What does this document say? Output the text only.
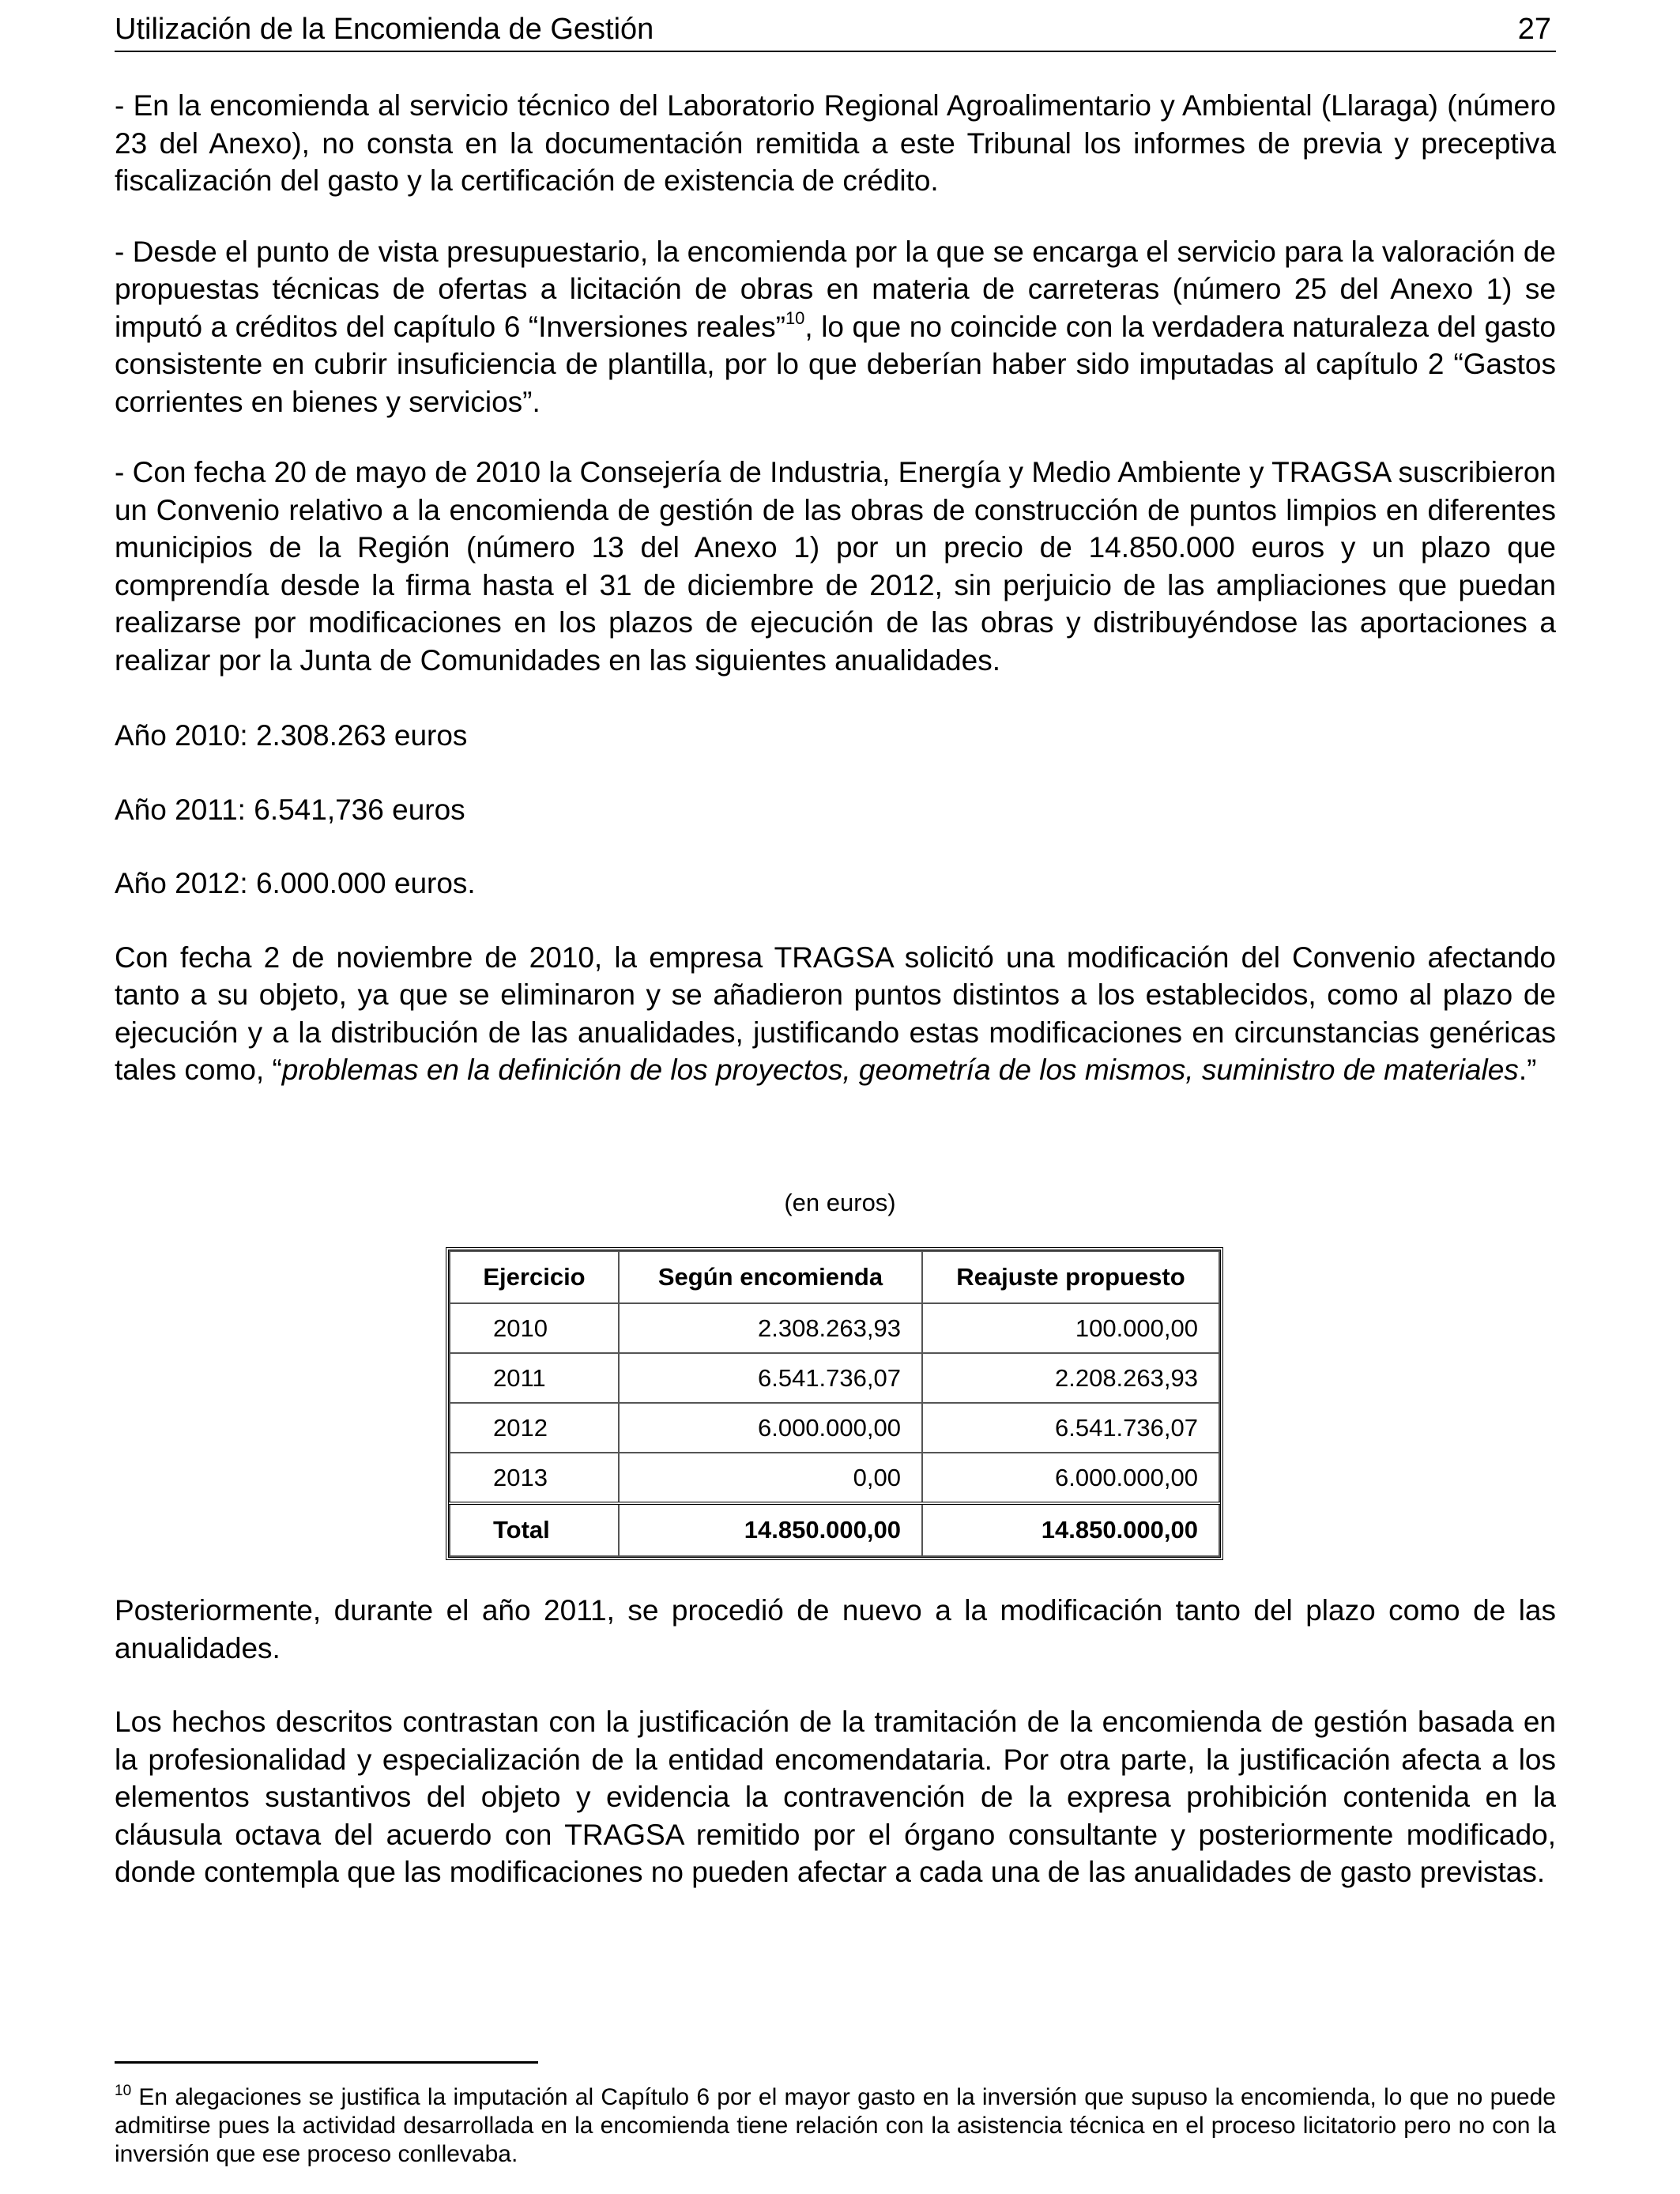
Utilización de la Encomienda de Gestión	27

- En la encomienda al servicio técnico del Laboratorio Regional Agroalimentario y Ambiental (Llaraga) (número 23 del Anexo), no consta en la documentación remitida a este Tribunal los informes de previa y preceptiva fiscalización del gasto y la certificación de existencia de crédito.

- Desde el punto de vista presupuestario, la encomienda por la que se encarga el servicio para la valoración de propuestas técnicas de ofertas a licitación de obras en materia de carreteras (número 25 del Anexo 1) se imputó a créditos del capítulo 6 “Inversiones reales”$^{10}$, lo que no coincide con la verdadera naturaleza del gasto consistente en cubrir insuficiencia de plantilla, por lo que deberían haber sido imputadas al capítulo 2 “Gastos corrientes en bienes y servicios”.

- Con fecha 20 de mayo de 2010 la Consejería de Industria, Energía y Medio Ambiente y TRAGSA suscribieron un Convenio relativo a la encomienda de gestión de las obras de construcción de puntos limpios en diferentes municipios de la Región (número 13 del Anexo 1) por un precio de 14.850.000 euros y un plazo que comprendía desde la firma hasta el 31 de diciembre de 2012, sin perjuicio de las ampliaciones que puedan realizarse por modificaciones en los plazos de ejecución de las obras y distribuyéndose las aportaciones a realizar por la Junta de Comunidades en las siguientes anualidades.

Año 2010: 2.308.263 euros

Año 2011: 6.541,736 euros

Año 2012: 6.000.000 euros.

Con fecha 2 de noviembre de 2010, la empresa TRAGSA solicitó una modificación del Convenio afectando tanto a su objeto, ya que se eliminaron y se añadieron puntos distintos a los establecidos, como al plazo de ejecución y a la distribución de las anualidades, justificando estas modificaciones en circunstancias genéricas tales como, “problemas en la definición de los proyectos, geometría de los mismos, suministro de materiales.”

(en euros)
Ejercicio	Según encomienda	Reajuste propuesto
2010	2.308.263,93	100.000,00
2011	6.541.736,07	2.208.263,93
2012	6.000.000,00	6.541.736,07
2013	0,00	6.000.000,00
Total	14.850.000,00	14.850.000,00

Posteriormente, durante el año 2011, se procedió de nuevo a la modificación tanto del plazo como de las anualidades.

Los hechos descritos contrastan con la justificación de la tramitación de la encomienda de gestión basada en la profesionalidad y especialización de la entidad encomendataria. Por otra parte, la justificación afecta a los elementos sustantivos del objeto y evidencia la contravención de la expresa prohibición contenida en la cláusula octava del acuerdo con TRAGSA remitido por el órgano consultante y posteriormente modificado, donde contempla que las modificaciones no pueden afectar a cada una de las anualidades de gasto previstas.

$^{10}$ En alegaciones se justifica la imputación al Capítulo 6 por el mayor gasto en la inversión que supuso la encomienda, lo que no puede admitirse pues la actividad desarrollada en la encomienda tiene relación con la asistencia técnica en el proceso licitatorio pero no con la inversión que ese proceso conllevaba.
